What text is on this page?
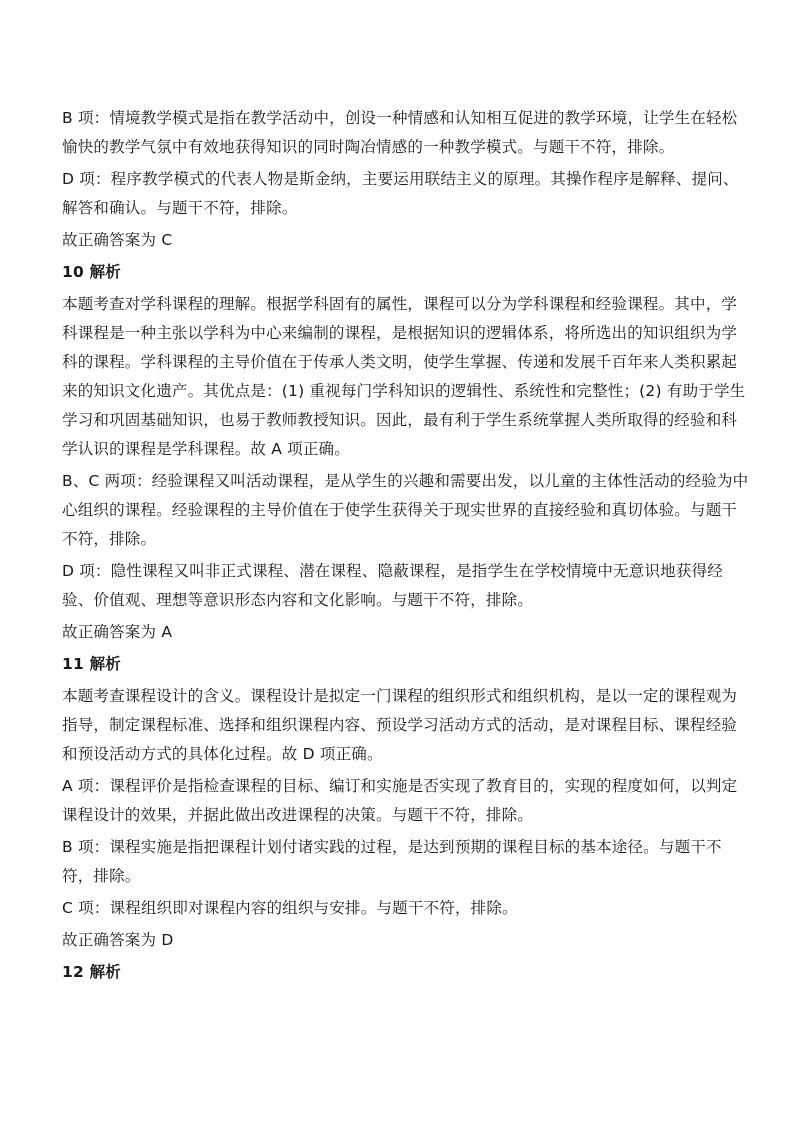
B 项：情境教学模式是指在教学活动中，创设一种情感和认知相互促进的教学环境，让学生在轻松愉快的教学气氛中有效地获得知识的同时陶冶情感的一种教学模式。与题干不符，排除。

D 项：程序教学模式的代表人物是斯金纳，主要运用联结主义的原理。其操作程序是解释、提问、解答和确认。与题干不符，排除。

故正确答案为 C

10 解析

本题考查对学科课程的理解。根据学科固有的属性，课程可以分为学科课程和经验课程。其中，学科课程是一种主张以学科为中心来编制的课程，是根据知识的逻辑体系，将所选出的知识组织为学科的课程。学科课程的主导价值在于传承人类文明，使学生掌握、传递和发展千百年来人类积累起来的知识文化遗产。其优点是：(1) 重视每门学科知识的逻辑性、系统性和完整性；(2) 有助于学生学习和巩固基础知识，也易于教师教授知识。因此，最有利于学生系统掌握人类所取得的经验和科学认识的课程是学科课程。故 A 项正确。

B、C 两项：经验课程又叫活动课程，是从学生的兴趣和需要出发，以儿童的主体性活动的经验为中心组织的课程。经验课程的主导价值在于使学生获得关于现实世界的直接经验和真切体验。与题干不符，排除。

D 项：隐性课程又叫非正式课程、潜在课程、隐蔽课程，是指学生在学校情境中无意识地获得经验、价值观、理想等意识形态内容和文化影响。与题干不符，排除。

故正确答案为 A

11 解析

本题考查课程设计的含义。课程设计是拟定一门课程的组织形式和组织机构，是以一定的课程观为指导，制定课程标准、选择和组织课程内容、预设学习活动方式的活动，是对课程目标、课程经验和预设活动方式的具体化过程。故 D 项正确。

A 项：课程评价是指检查课程的目标、编订和实施是否实现了教育目的，实现的程度如何，以判定课程设计的效果，并据此做出改进课程的决策。与题干不符，排除。

B 项：课程实施是指把课程计划付诸实践的过程，是达到预期的课程目标的基本途径。与题干不符，排除。

C 项：课程组织即对课程内容的组织与安排。与题干不符，排除。

故正确答案为 D

12 解析
